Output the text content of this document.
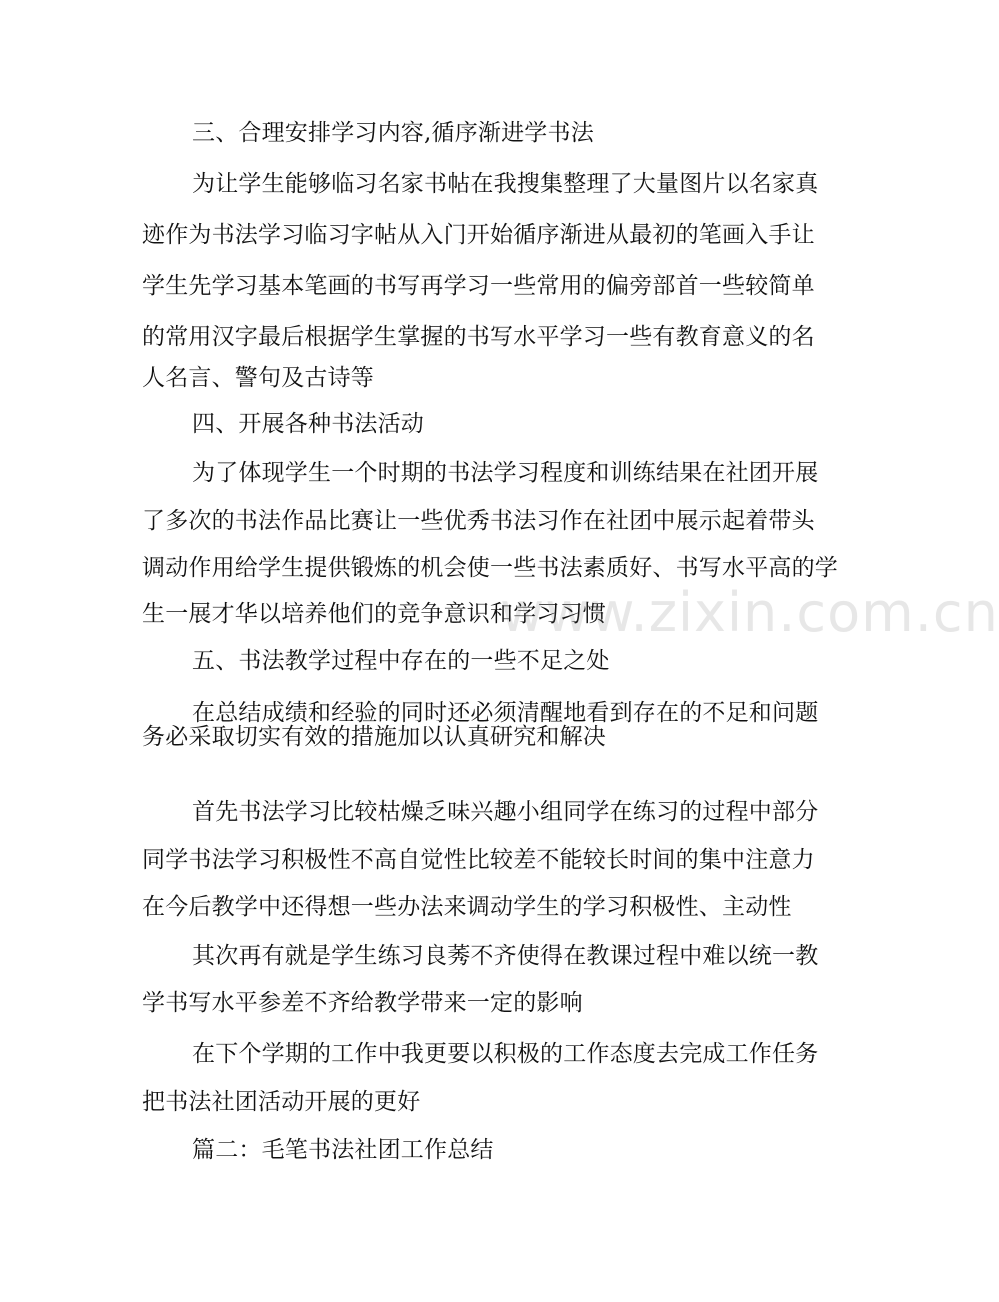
三、合理安排学习内容,循序渐进学书法
为让学生能够临习名家书帖在我搜集整理了大量图片以名家真
迹作为书法学习临习字帖从入门开始循序渐进从最初的笔画入手让
学生先学习基本笔画的书写再学习一些常用的偏旁部首一些较简单
的常用汉字最后根据学生掌握的书写水平学习一些有教育意义的名
人名言、警句及古诗等
四、开展各种书法活动
为了体现学生一个时期的书法学习程度和训练结果在社团开展
了多次的书法作品比赛让一些优秀书法习作在社团中展示起着带头
调动作用给学生提供锻炼的机会使一些书法素质好、书写水平高的学
生一展才华以培养他们的竞争意识和学习习惯
五、书法教学过程中存在的一些不足之处
在总结成绩和经验的同时还必须清醒地看到存在的不足和问题
务必采取切实有效的措施加以认真研究和解决
首先书法学习比较枯燥乏味兴趣小组同学在练习的过程中部分
同学书法学习积极性不高自觉性比较差不能较长时间的集中注意力
在今后教学中还得想一些办法来调动学生的学习积极性、主动性
其次再有就是学生练习良莠不齐使得在教课过程中难以统一教
学书写水平参差不齐给教学带来一定的影响
在下个学期的工作中我更要以积极的工作态度去完成工作任务
把书法社团活动开展的更好
篇二：毛笔书法社团工作总结
www.zixin.com.cn
